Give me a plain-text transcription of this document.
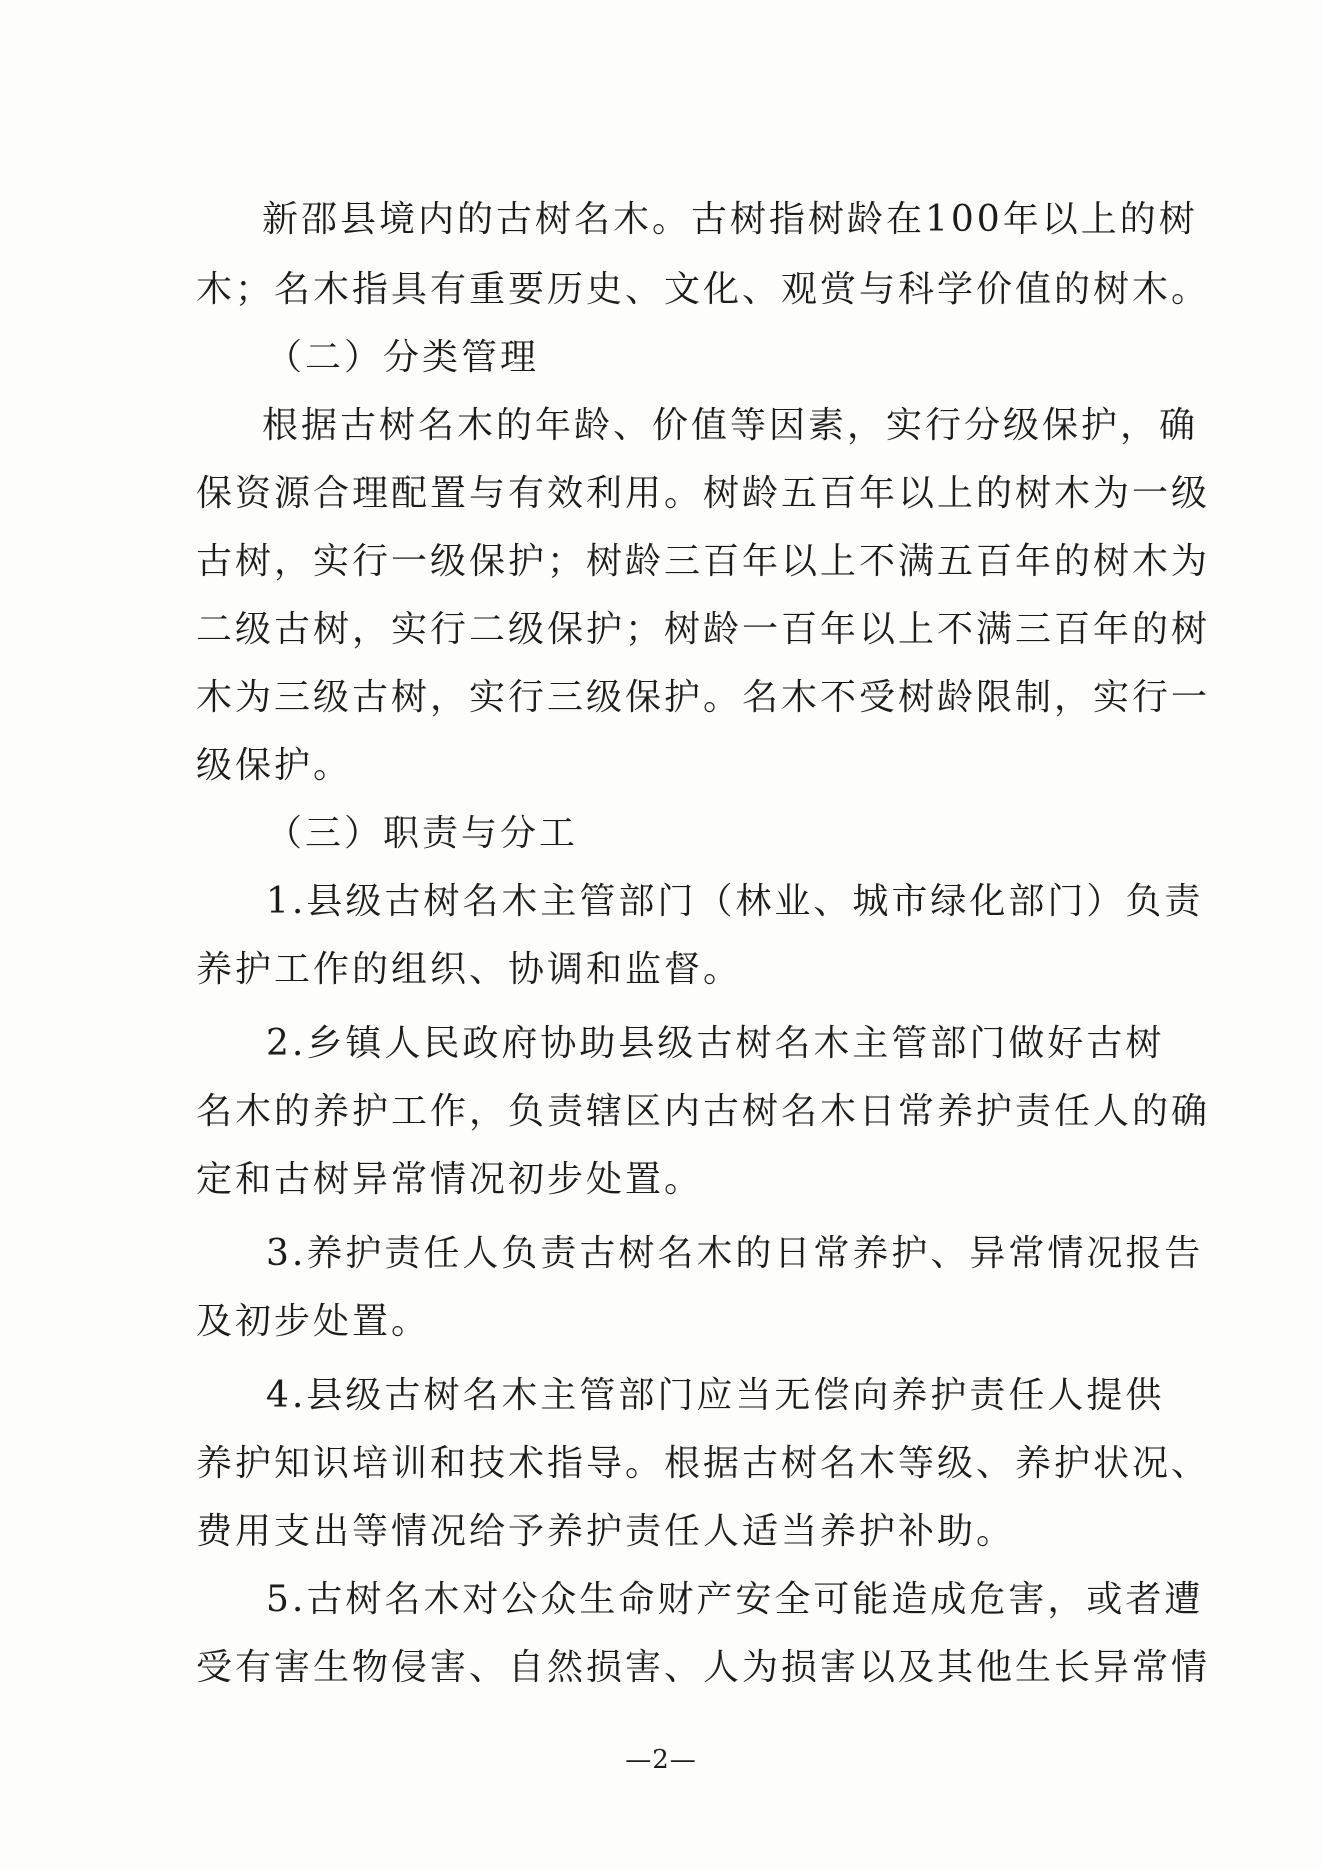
新邵县境内的古树名木。古树指树龄在100年以上的树
木；名木指具有重要历史、文化、观赏与科学价值的树木。
（二）分类管理
根据古树名木的年龄、价值等因素，实行分级保护，确
保资源合理配置与有效利用。树龄五百年以上的树木为一级
古树，实行一级保护；树龄三百年以上不满五百年的树木为
二级古树，实行二级保护；树龄一百年以上不满三百年的树
木为三级古树，实行三级保护。名木不受树龄限制，实行一
级保护。
（三）职责与分工
1.县级古树名木主管部门（林业、城市绿化部门）负责
养护工作的组织、协调和监督。
2.乡镇人民政府协助县级古树名木主管部门做好古树
名木的养护工作，负责辖区内古树名木日常养护责任人的确
定和古树异常情况初步处置。
3.养护责任人负责古树名木的日常养护、异常情况报告
及初步处置。
4.县级古树名木主管部门应当无偿向养护责任人提供
养护知识培训和技术指导。根据古树名木等级、养护状况、
费用支出等情况给予养护责任人适当养护补助。
5.古树名木对公众生命财产安全可能造成危害，或者遭
受有害生物侵害、自然损害、人为损害以及其他生长异常情
—2—
